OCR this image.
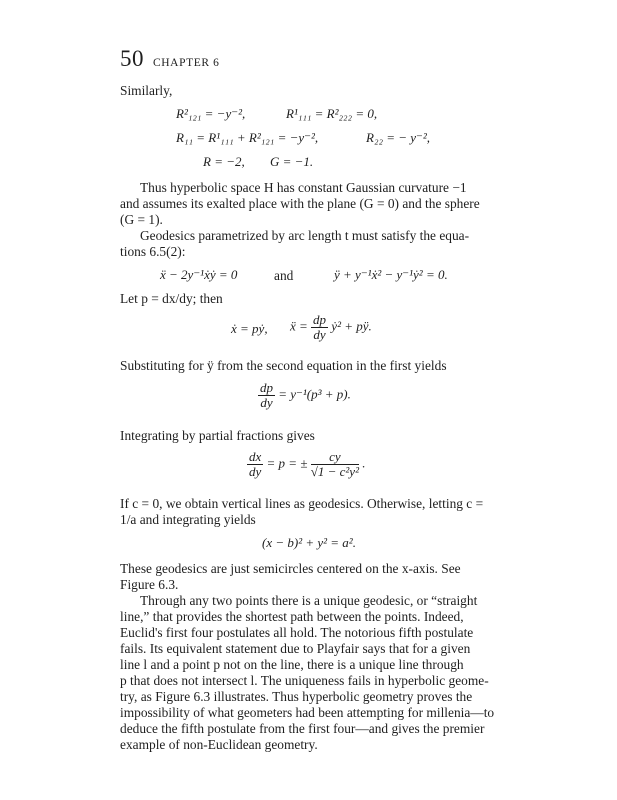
50 CHAPTER 6
Similarly,
R²₁₂₁ = −y⁻²,	R¹₁₁₁ = R²₂₂₂ = 0,
R₁₁ = R¹₁₁₁ + R²₁₂₁ = −y⁻²,	R₂₂ = − y⁻²,
R = −2, G = −1.
Thus hyperbolic space H has constant Gaussian curvature −1
and assumes its exalted place with the plane (G = 0) and the sphere
(G = 1).
Geodesics parametrized by arc length t must satisfy the equa-
tions 6.5(2):
ẍ − 2y⁻¹ẋẏ = 0	and	ÿ + y⁻¹ẋ² − y⁻¹ẏ² = 0.
Let p = dx/dy; then
ẋ = pẏ, ẍ = $\frac{dp}{dy}$ ẏ² + pÿ.
Substituting for ÿ from the second equation in the first yields
$\frac{dp}{dy} = y^{-1}(p^3 + p)$.
Integrating by partial fractions gives
$\frac{dx}{dy} = p$ = ± $\frac{cy}{\text{√1 − c²y²}}$ .
If c = 0, we obtain vertical lines as geodesics. Otherwise, letting c =
1/a and integrating yields
(x − b)² + y² = a².
These geodesics are just semicircles centered on the x-axis. See
Figure 6.3.
Through any two points there is a unique geodesic, or “straight
line,” that provides the shortest path between the points. Indeed,
Euclid's first four postulates all hold. The notorious fifth postulate
fails. Its equivalent statement due to Playfair says that for a given
line l and a point p not on the line, there is a unique line through
p that does not intersect l. The uniqueness fails in hyperbolic geome-
try, as Figure 6.3 illustrates. Thus hyperbolic geometry proves the
impossibility of what geometers had been attempting for millenia—to
deduce the fifth postulate from the first four—and gives the premier
example of non-Euclidean geometry.
